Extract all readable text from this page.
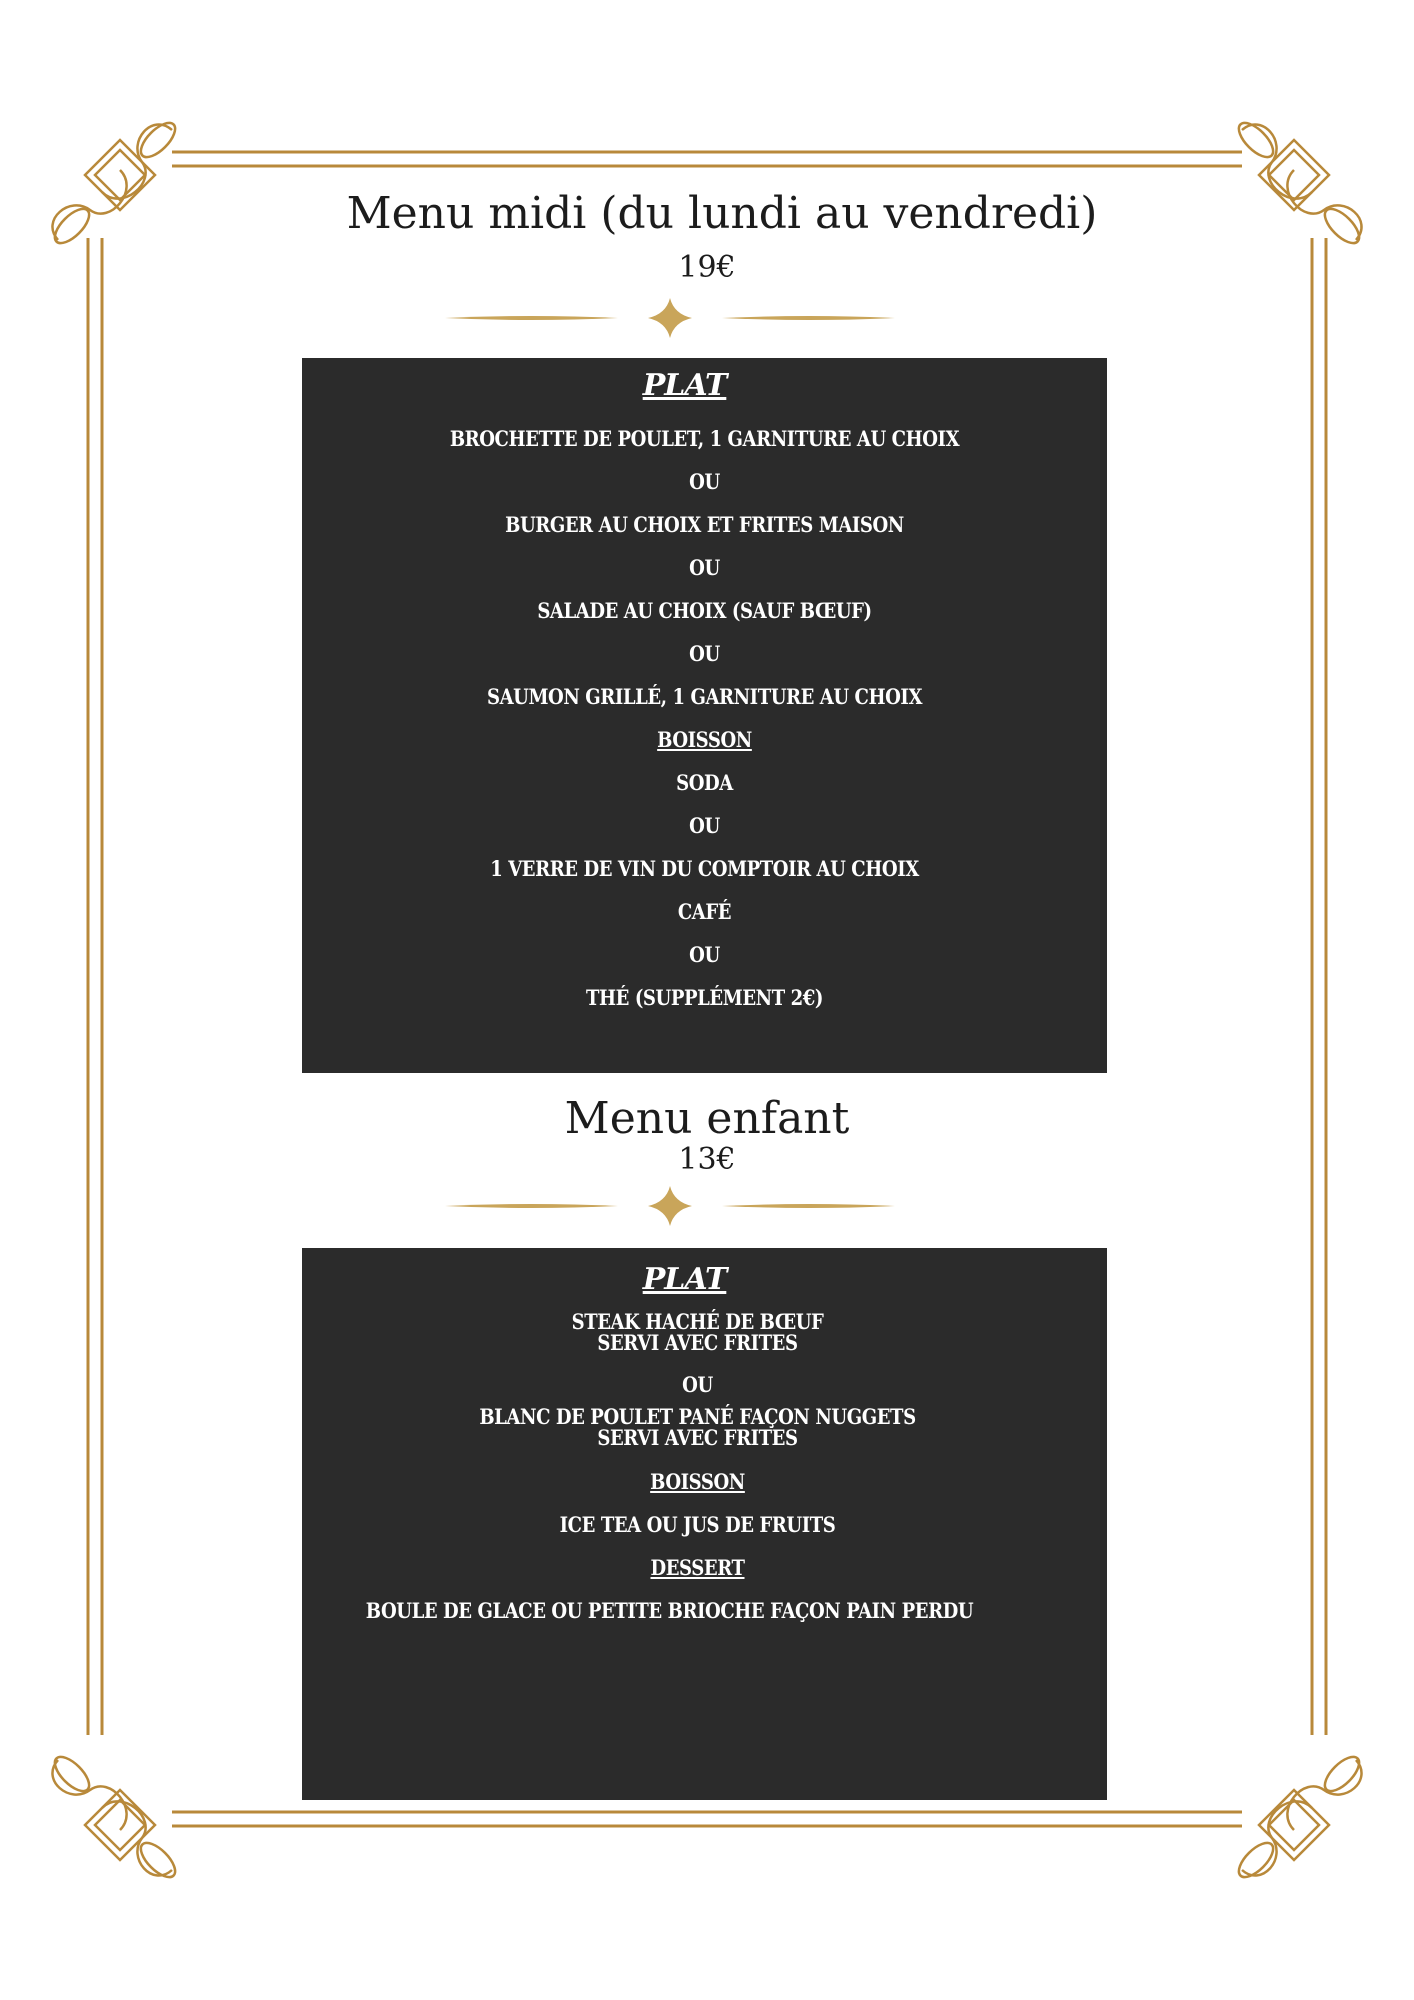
Menu midi (du lundi au vendredi)
19€
PLAT
BROCHETTE DE POULET, 1 GARNITURE AU CHOIX
OU
BURGER AU CHOIX ET FRITES MAISON
OU
SALADE AU CHOIX (SAUF BŒUF)
OU
SAUMON GRILLÉ, 1 GARNITURE AU CHOIX
BOISSON
SODA
OU
1 VERRE DE VIN DU COMPTOIR AU CHOIX
CAFÉ
OU
THÉ (SUPPLÉMENT 2€)
Menu enfant
13€
PLAT
STEAK HACHÉ DE BŒUF
SERVI AVEC FRITES
OU
BLANC DE POULET PANÉ FAÇON NUGGETS
SERVI AVEC FRITES
BOISSON
ICE TEA OU JUS DE FRUITS
DESSERT
BOULE DE GLACE OU PETITE BRIOCHE FAÇON PAIN PERDU
